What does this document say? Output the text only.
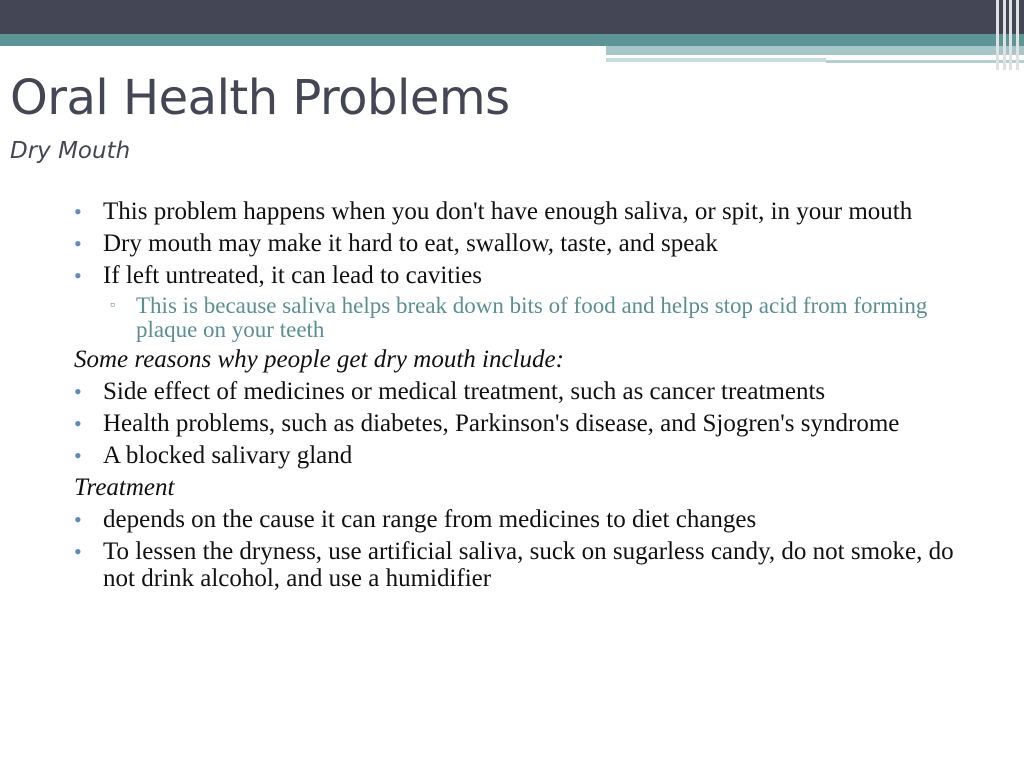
Oral Health Problems
Dry Mouth
• This problem happens when you don't have enough saliva, or spit, in your mouth
• Dry mouth may make it hard to eat, swallow, taste, and speak
• If left untreated, it can lead to cavities
▫ This is because saliva helps break down bits of food and helps stop acid from forming plaque on your teeth
Some reasons why people get dry mouth include:
• Side effect of medicines or medical treatment, such as cancer treatments
• Health problems, such as diabetes, Parkinson's disease, and Sjogren's syndrome
• A blocked salivary gland
Treatment
• depends on the cause it can range from medicines to diet changes
• To lessen the dryness, use artificial saliva, suck on sugarless candy, do not smoke, do not drink alcohol, and use a humidifier
